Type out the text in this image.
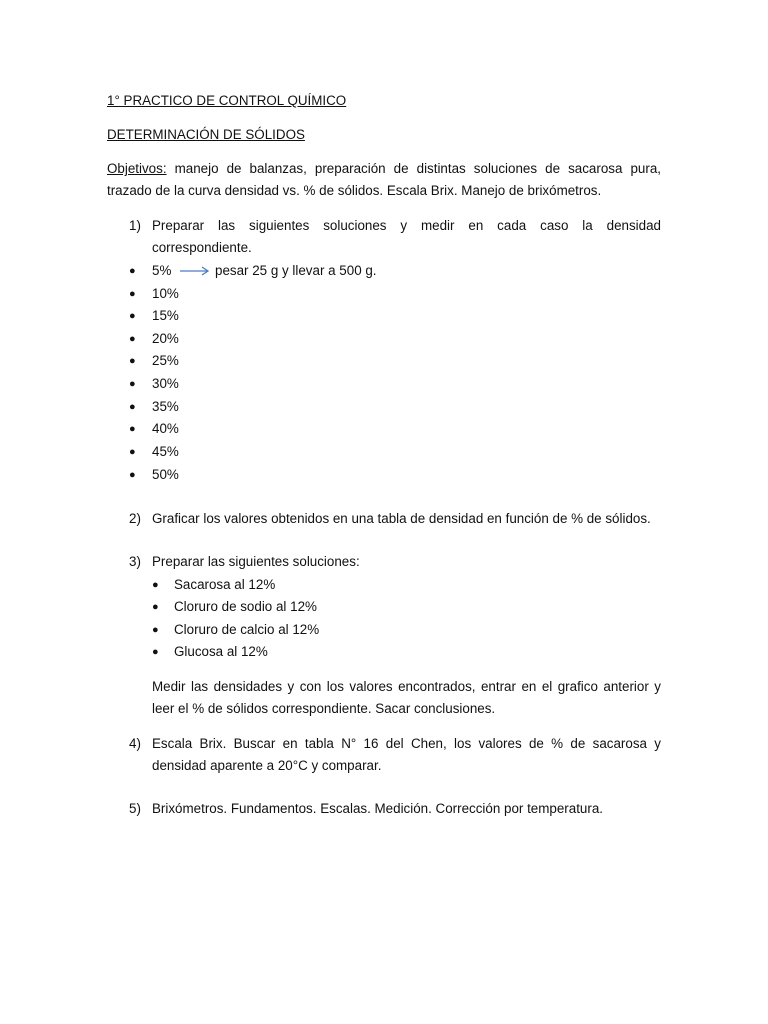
1° PRACTICO DE CONTROL QUÍMICO
DETERMINACIÓN DE SÓLIDOS
Objetivos: manejo de balanzas, preparación de distintas soluciones de sacarosa pura, trazado de la curva densidad vs. % de sólidos. Escala Brix. Manejo de brixómetros.
1) Preparar las siguientes soluciones y medir en cada caso la densidad correspondiente.
● 5%	pesar 25 g y llevar a 500 g.
● 10%
● 15%
● 20%
● 25%
● 30%
● 35%
● 40%
● 45%
● 50%
2) Graficar los valores obtenidos en una tabla de densidad en función de % de sólidos.
3) Preparar las siguientes soluciones:
● Sacarosa al 12%
● Cloruro de sodio al 12%
● Cloruro de calcio al 12%
● Glucosa al 12%
Medir las densidades y con los valores encontrados, entrar en el grafico anterior y leer el % de sólidos correspondiente. Sacar conclusiones.
4) Escala Brix. Buscar en tabla N° 16 del Chen, los valores de % de sacarosa y densidad aparente a 20°C y comparar.
5) Brixómetros. Fundamentos. Escalas. Medición. Corrección por temperatura.
